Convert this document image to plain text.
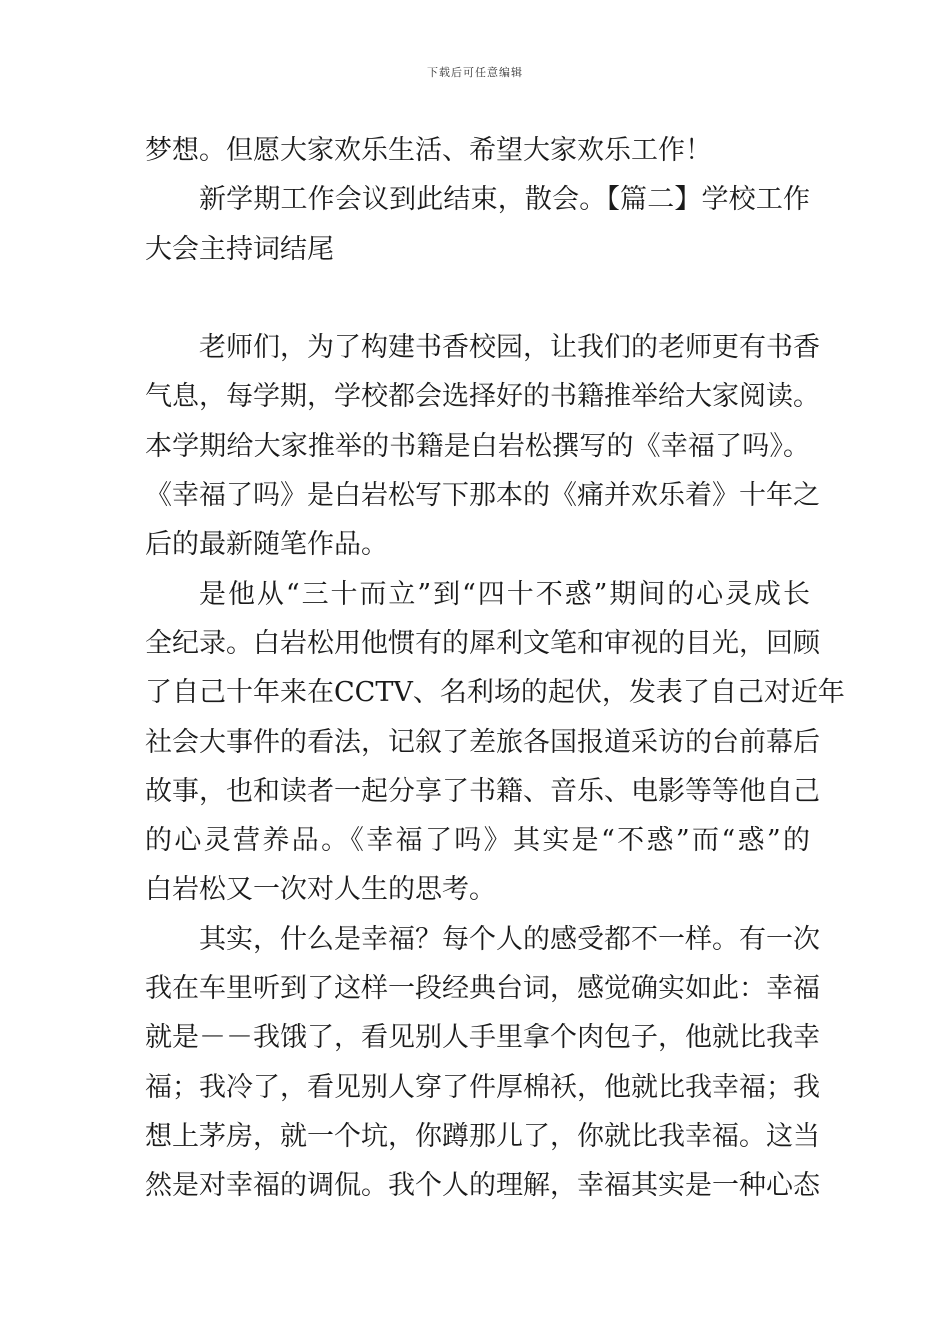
下载后可任意编辑
梦想。但愿大家欢乐生活、希望大家欢乐工作！
新学期工作会议到此结束，散会。【篇二】学校工作
大会主持词结尾
老师们，为了构建书香校园，让我们的老师更有书香
气息，每学期，学校都会选择好的书籍推举给大家阅读。
本学期给大家推举的书籍是白岩松撰写的《幸福了吗》。
《幸福了吗》是白岩松写下那本的《痛并欢乐着》十年之
后的最新随笔作品。
是他从“三十而立”到“四十不惑”期间的心灵成长
全纪录。白岩松用他惯有的犀利文笔和审视的目光，回顾
了自己十年来在CCTV、名利场的起伏，发表了自己对近年
社会大事件的看法，记叙了差旅各国报道采访的台前幕后
故事，也和读者一起分享了书籍、音乐、电影等等他自己
的心灵营养品。《幸福了吗》其实是“不惑”而“惑”的
白岩松又一次对人生的思考。
其实，什么是幸福？每个人的感受都不一样。有一次
我在车里听到了这样一段经典台词，感觉确实如此：幸福
就是－－我饿了，看见别人手里拿个肉包子，他就比我幸
福；我冷了，看见别人穿了件厚棉袄，他就比我幸福；我
想上茅房，就一个坑，你蹲那儿了，你就比我幸福。这当
然是对幸福的调侃。我个人的理解，幸福其实是一种心态
